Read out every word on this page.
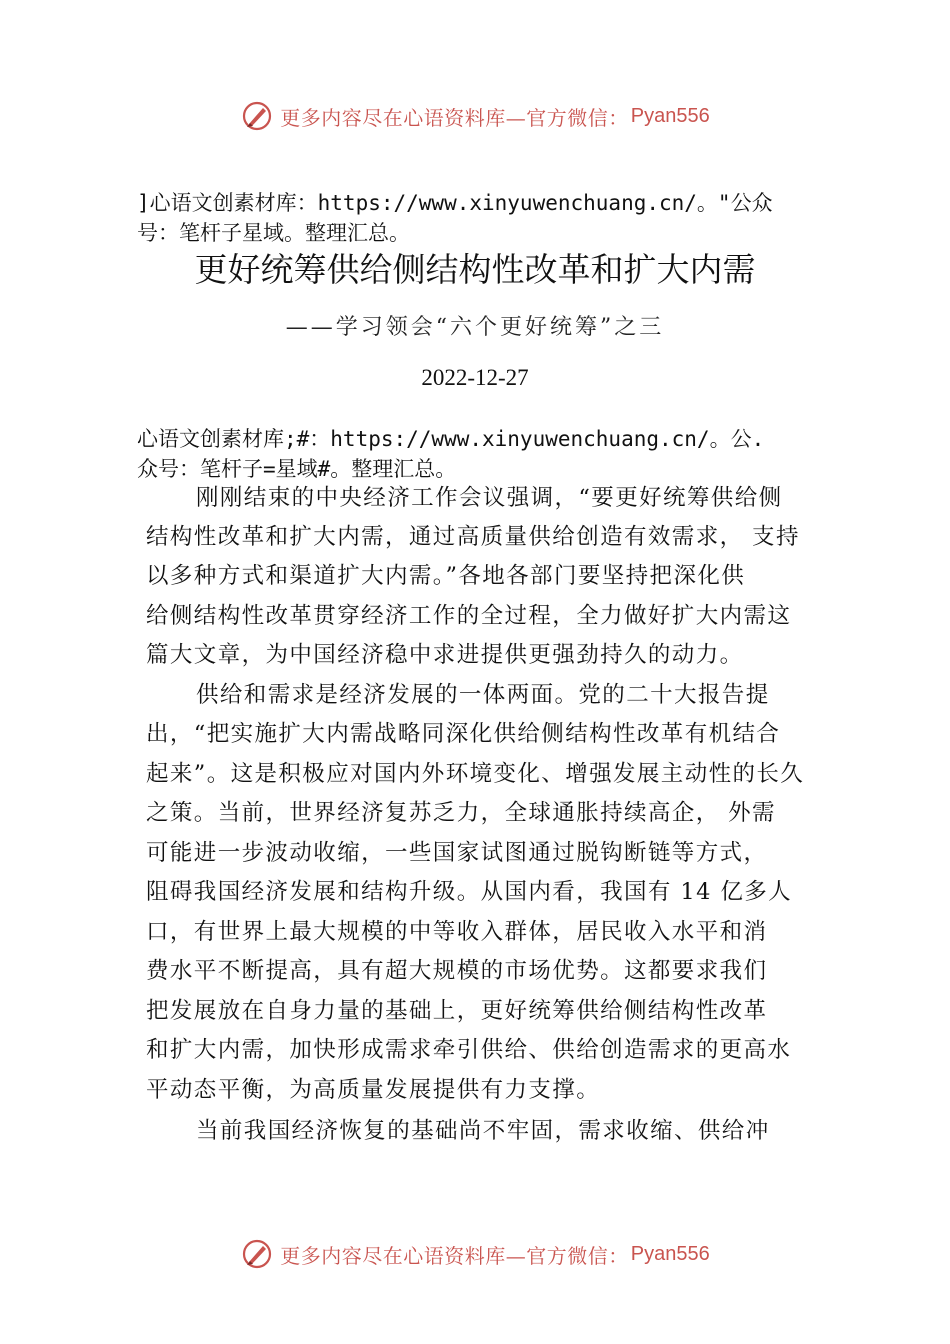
更多内容尽在心语资料库—官方微信： Pyan556
]心语文创素材库：https://www.xinyuwenchuang.cn/。"公众
号：笔杆子星域。整理汇总。
更好统筹供给侧结构性改革和扩大内需
——学习领会“六个更好统筹”之三
2022-12-27
心语文创素材库;#：https://www.xinyuwenchuang.cn/。公.
众号：笔杆子=星域#。整理汇总。
刚刚结束的中央经济工作会议强调，“要更好统筹供给侧
结构性改革和扩大内需，通过高质量供给创造有效需求， 支持
以多种方式和渠道扩大内需。”各地各部门要坚持把深化供
给侧结构性改革贯穿经济工作的全过程，全力做好扩大内需这
篇大文章，为中国经济稳中求进提供更强劲持久的动力。
供给和需求是经济发展的一体两面。党的二十大报告提
出，“把实施扩大内需战略同深化供给侧结构性改革有机结合
起来”。这是积极应对国内外环境变化、增强发展主动性的长久
之策。当前，世界经济复苏乏力，全球通胀持续高企， 外需
可能进一步波动收缩，一些国家试图通过脱钩断链等方式，
阻碍我国经济发展和结构升级。从国内看，我国有 14 亿多人
口，有世界上最大规模的中等收入群体，居民收入水平和消
费水平不断提高，具有超大规模的市场优势。这都要求我们
把发展放在自身力量的基础上，更好统筹供给侧结构性改革
和扩大内需，加快形成需求牵引供给、供给创造需求的更高水
平动态平衡，为高质量发展提供有力支撑。
当前我国经济恢复的基础尚不牢固，需求收缩、供给冲
更多内容尽在心语资料库—官方微信： Pyan556
